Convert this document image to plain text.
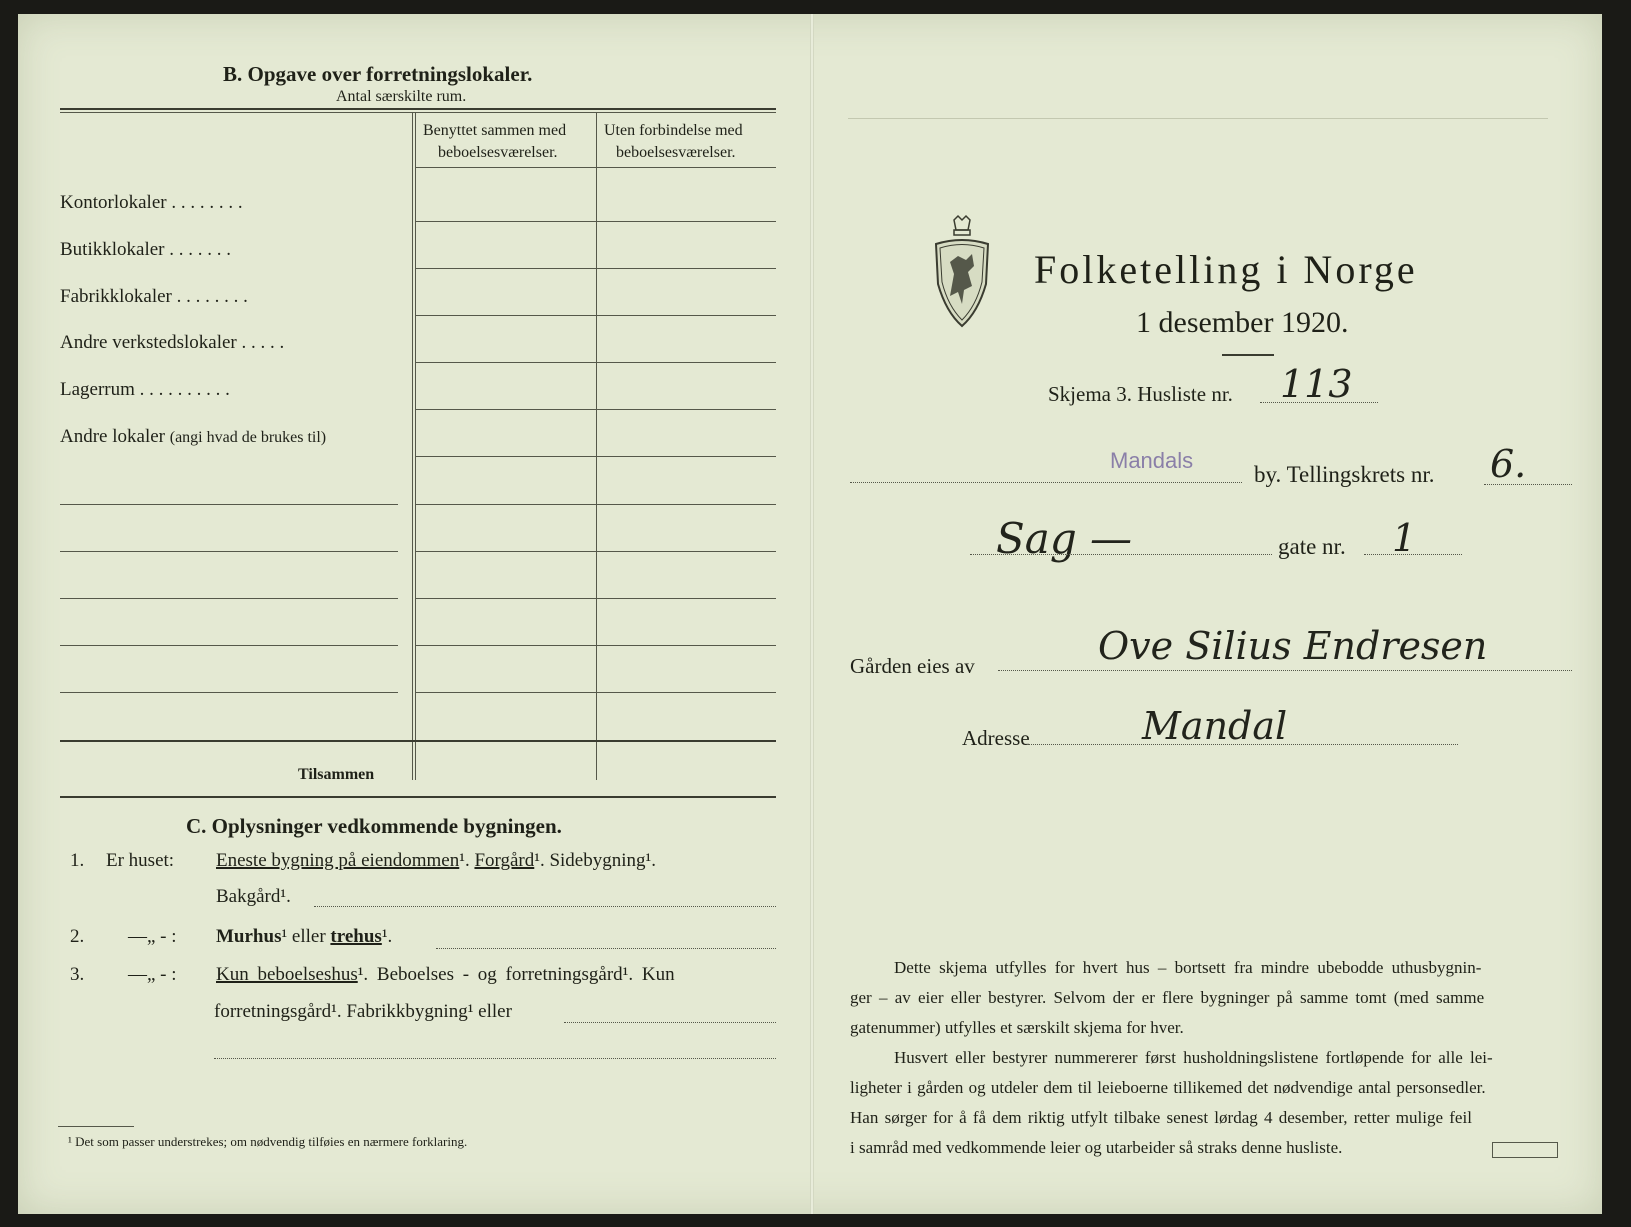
B. Opgave over forretningslokaler.
Antal særskilte rum.
Benyttet sammen med
beboelsesværelser.
Uten forbindelse med
beboelsesværelser.
Kontorlokaler . . . . . . . .
Butikklokaler . . . . . . .
Fabrikklokaler . . . . . . . .
Andre verkstedslokaler . . . . .
Lagerrum . . . . . . . . . .
Andre lokaler (angi hvad de brukes til)
Tilsammen
C. Oplysninger vedkommende bygningen.
1. Er huset: Eneste bygning på eiendommen¹. Forgård¹. Sidebygning¹.
Bakgård¹.
2. —„ - : Murhus¹ eller trehus¹.
3. —„ - : Kun beboelseshus¹. Beboelses - og forretningsgård¹. Kun
forretningsgård¹. Fabrikkbygning¹ eller
¹ Det som passer understrekes; om nødvendig tilføies en nærmere forklaring.
Folketelling i Norge
1 desember 1920.
Skjema 3. Husliste nr. 113
Mandals
by. Tellingskrets nr. 6.
Sag —	gate nr. 1
Gården eies av	Ove Silius Endresen
Adresse	Mandal
Dette skjema utfylles for hvert hus – bortsett fra mindre ubebodde uthusbygnin-
ger – av eier eller bestyrer. Selvom der er flere bygninger på samme tomt (med samme
gatenummer) utfylles et særskilt skjema for hver.
Husvert eller bestyrer nummererer først husholdningslistene fortløpende for alle lei-
ligheter i gården og utdeler dem til leieboerne tillikemed det nødvendige antal personsedler.
Han sørger for å få dem riktig utfylt tilbake senest lørdag 4 desember, retter mulige feil
i samråd med vedkommende leier og utarbeider så straks denne husliste.
